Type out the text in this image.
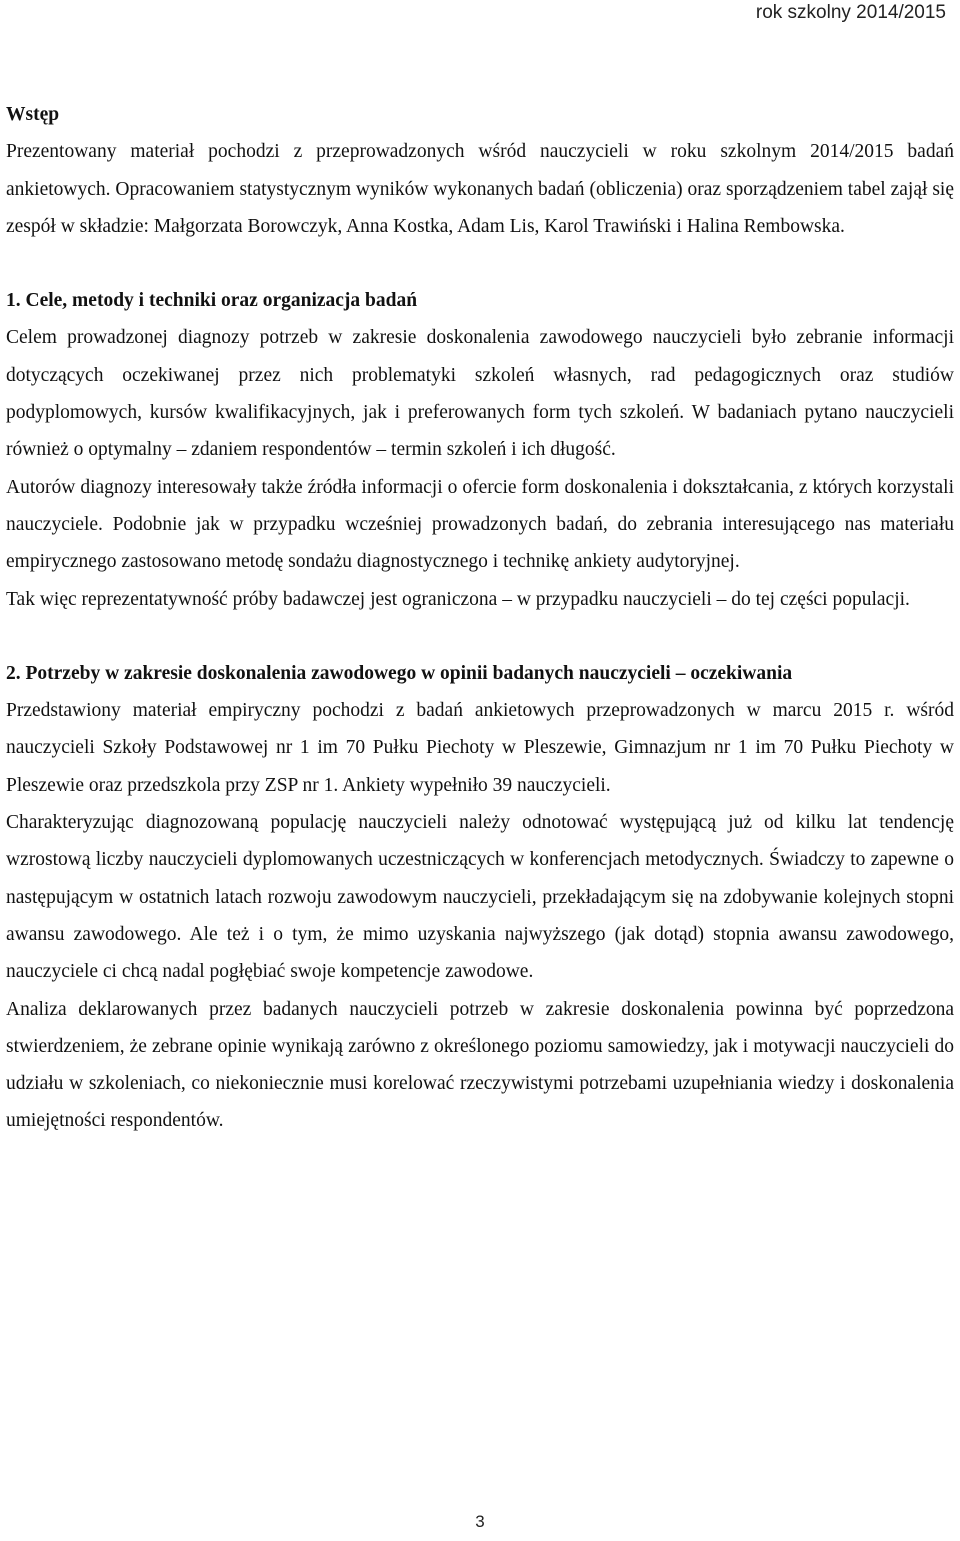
rok szkolny 2014/2015

Wstęp

Prezentowany materiał pochodzi z przeprowadzonych wśród nauczycieli w roku szkolnym 2014/2015 badań ankietowych. Opracowaniem statystycznym wyników wykonanych badań (obliczenia) oraz sporządzeniem tabel zajął się zespół w składzie: Małgorzata Borowczyk, Anna Kostka, Adam Lis, Karol Trawiński i Halina Rembowska.

1. Cele, metody i techniki oraz organizacja badań

Celem prowadzonej diagnozy potrzeb w zakresie doskonalenia zawodowego nauczycieli było zebranie informacji dotyczących oczekiwanej przez nich problematyki szkoleń własnych, rad pedagogicznych oraz studiów podyplomowych, kursów kwalifikacyjnych, jak i preferowanych form tych szkoleń. W badaniach pytano nauczycieli również o optymalny – zdaniem respondentów – termin szkoleń i ich długość.

Autorów diagnozy interesowały także źródła informacji o ofercie form doskonalenia i dokształcania, z których korzystali nauczyciele. Podobnie jak w przypadku wcześniej prowadzonych badań, do zebrania interesującego nas materiału empirycznego zastosowano metodę sondażu diagnostycznego i technikę ankiety audytoryjnej.

Tak więc reprezentatywność próby badawczej jest ograniczona – w przypadku nauczycieli – do tej części populacji.

2. Potrzeby w zakresie doskonalenia zawodowego w opinii badanych nauczycieli – oczekiwania

Przedstawiony materiał empiryczny pochodzi z badań ankietowych przeprowadzonych w marcu 2015 r. wśród nauczycieli Szkoły Podstawowej nr 1 im 70 Pułku Piechoty w Pleszewie, Gimnazjum nr 1 im 70 Pułku Piechoty w Pleszewie oraz przedszkola przy ZSP nr 1. Ankiety wypełniło 39 nauczycieli.

Charakteryzując diagnozowaną populację nauczycieli należy odnotować występującą już od kilku lat tendencję wzrostową liczby nauczycieli dyplomowanych uczestniczących w konferencjach metodycznych. Świadczy to zapewne o następującym w ostatnich latach rozwoju zawodowym nauczycieli, przekładającym się na zdobywanie kolejnych stopni awansu zawodowego. Ale też i o tym, że mimo uzyskania najwyższego (jak dotąd) stopnia awansu zawodowego, nauczyciele ci chcą nadal pogłębiać swoje kompetencje zawodowe.

Analiza deklarowanych przez badanych nauczycieli potrzeb w zakresie doskonalenia powinna być poprzedzona stwierdzeniem, że zebrane opinie wynikają zarówno z określonego poziomu samowiedzy, jak i motywacji nauczycieli do udziału w szkoleniach, co niekoniecznie musi korelować rzeczywistymi potrzebami uzupełniania wiedzy i doskonalenia umiejętności respondentów.

3
